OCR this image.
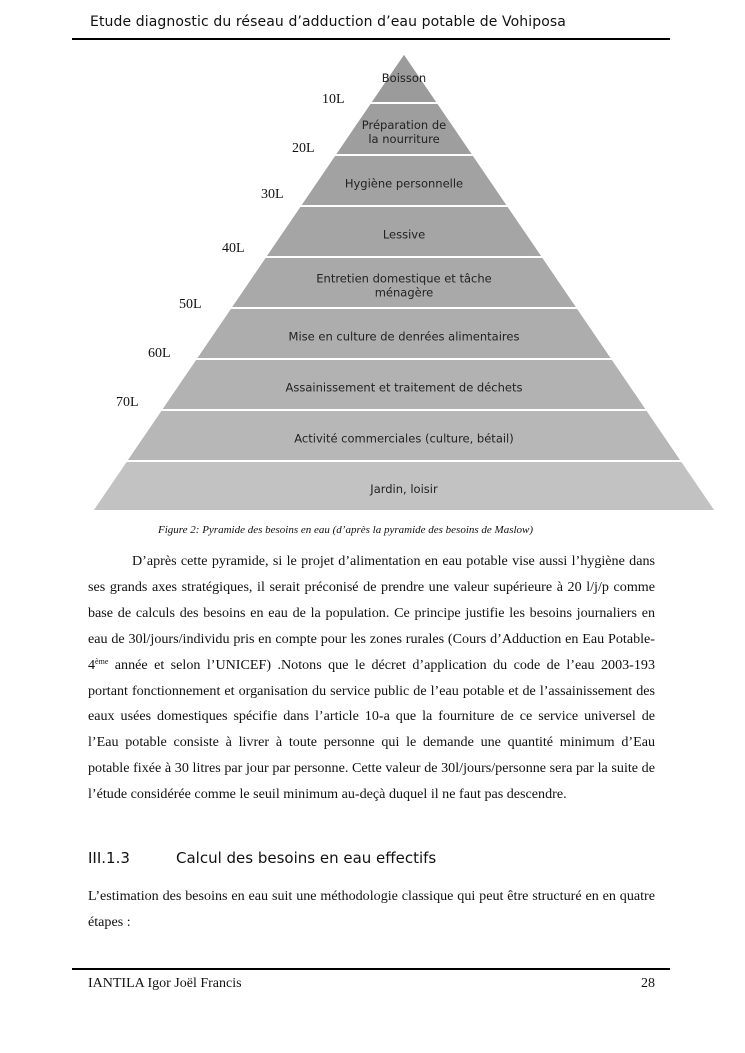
Etude diagnostic du réseau d’adduction d’eau potable de Vohiposa
Boisson
Préparation de
la nourriture
Hygiène personnelle
Lessive
Entretien domestique et tâche
ménagère
Mise en culture de denrées alimentaires
Assainissement et traitement de déchets
Activité commerciales (culture, bétail)
Jardin, loisir
10L
20L
30L
40L
50L
60L
70L
Figure 2: Pyramide des besoins en eau (d’après la pyramide des besoins de Maslow)

D’après cette pyramide, si le projet d’alimentation en eau potable vise aussi l’hygiène dans ses grands axes stratégiques, il serait préconisé de prendre une valeur supérieure à 20 l/j/p comme base de calculs des besoins en eau de la population. Ce principe justifie les besoins journaliers en eau de 30l/jours/individu pris en compte pour les zones rurales (Cours d’Adduction en Eau Potable-4ème année et selon l’UNICEF) .Notons que le décret d’application du code de l’eau 2003-193 portant fonctionnement et organisation du service public de l’eau potable et de l’assainissement des eaux usées domestiques spécifie dans l’article 10-a que la fourniture de ce service universel de l’Eau potable consiste à livrer à toute personne qui le demande une quantité minimum d’Eau potable fixée à 30 litres par jour par personne. Cette valeur de 30l/jours/personne sera par la suite de l’étude considérée comme le seuil minimum au-deçà duquel il ne faut pas descendre.

III.1.3	Calcul des besoins en eau effectifs
L’estimation des besoins en eau suit une méthodologie classique qui peut être structuré en en quatre étapes :
IANTILA Igor Joël Francis	28
